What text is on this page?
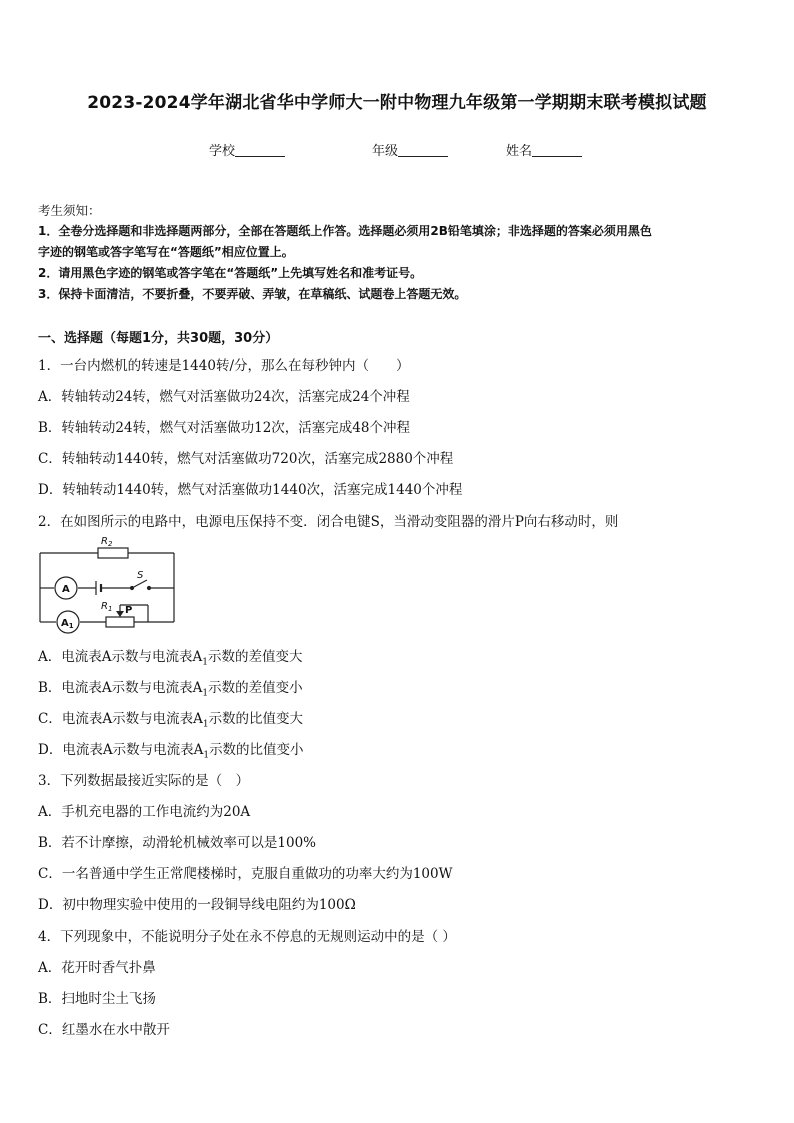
2023-2024学年湖北省华中学师大一附中物理九年级第一学期期末联考模拟试题
学校	年级	姓名
考生须知：
1．全卷分选择题和非选择题两部分，全部在答题纸上作答。选择题必须用2B铅笔填涂；非选择题的答案必须用黑色
字迹的钢笔或答字笔写在“答题纸”相应位置上。
2．请用黑色字迹的钢笔或答字笔在“答题纸”上先填写姓名和准考证号。
3．保持卡面清洁，不要折叠，不要弄破、弄皱，在草稿纸、试题卷上答题无效。
一、选择题（每题1分，共30题，30分）
1．一台内燃机的转速是1440转/分，那么在每秒钟内（　　）
A．转轴转动24转，燃气对活塞做功24次，活塞完成24个冲程
B．转轴转动24转，燃气对活塞做功12次，活塞完成48个冲程
C．转轴转动1440转，燃气对活塞做功720次，活塞完成2880个冲程
D．转轴转动1440转，燃气对活塞做功1440次，活塞完成1440个冲程
2．在如图所示的电路中，电源电压保持不变．闭合电键S，当滑动变阻器的滑片P向右移动时，则
$R_2$
S
$R_1$ P
A
$A_1$
A．电流表A示数与电流表$A_1$示数的差值变大
B．电流表A示数与电流表$A_1$示数的差值变小
C．电流表A示数与电流表$A_1$示数的比值变大
D．电流表A示数与电流表$A_1$示数的比值变小
3．下列数据最接近实际的是（　）
A．手机充电器的工作电流约为20A
B．若不计摩擦，动滑轮机械效率可以是100%
C．一名普通中学生正常爬楼梯时，克服自重做功的功率大约为100W
D．初中物理实验中使用的一段铜导线电阻约为100Ω
4．下列现象中，不能说明分子处在永不停息的无规则运动中的是（ ）
A．花开时香气扑鼻
B．扫地时尘土飞扬
C．红墨水在水中散开
